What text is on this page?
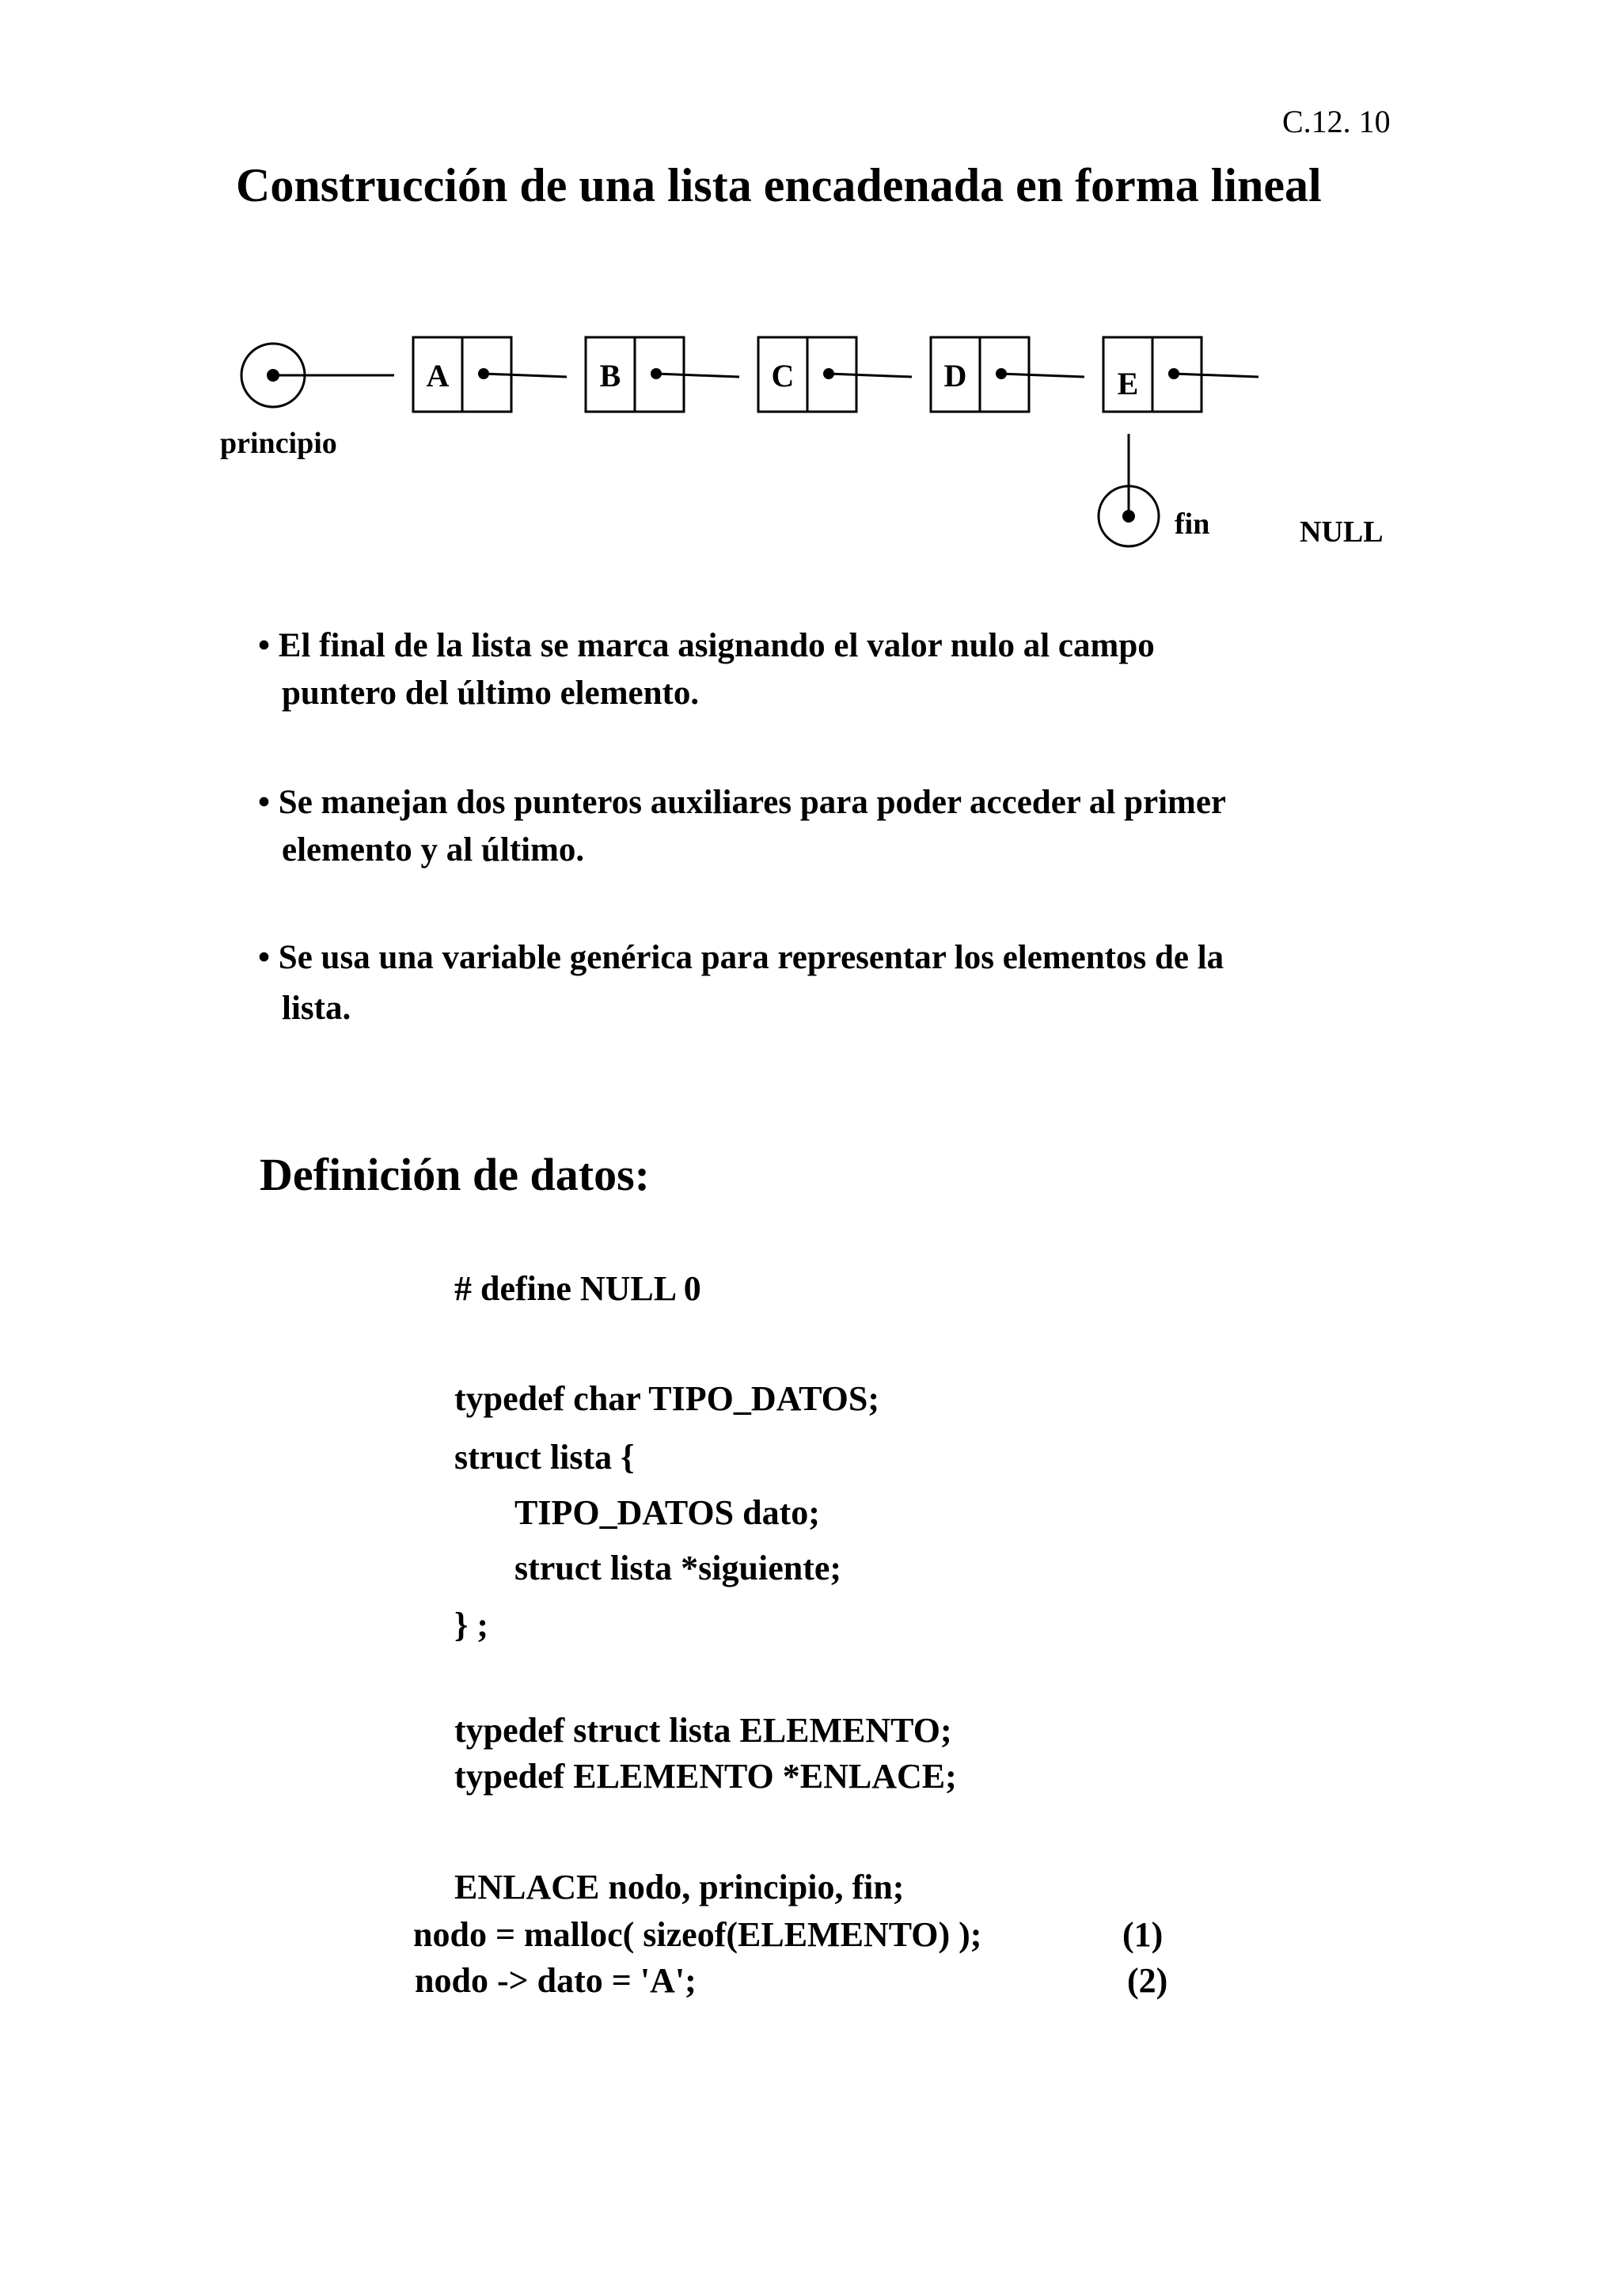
C.12. 10
Construcción de una lista encadenada en forma lineal
principio
A	B	C	D	E
fin	NULL
• El final de la lista se marca asignando el valor nulo al campo
puntero del último elemento.
• Se manejan dos punteros auxiliares para poder acceder al primer
elemento y al último.
• Se usa una variable genérica para representar los elementos de la
lista.
Definición de datos:
# define NULL 0
typedef char TIPO_DATOS;
struct lista {
TIPO_DATOS dato;
struct lista *siguiente;
} ;
typedef struct lista ELEMENTO;
typedef ELEMENTO *ENLACE;
ENLACE nodo, principio, fin;
nodo = malloc( sizeof(ELEMENTO) );	(1)
nodo -> dato = 'A';	(2)
